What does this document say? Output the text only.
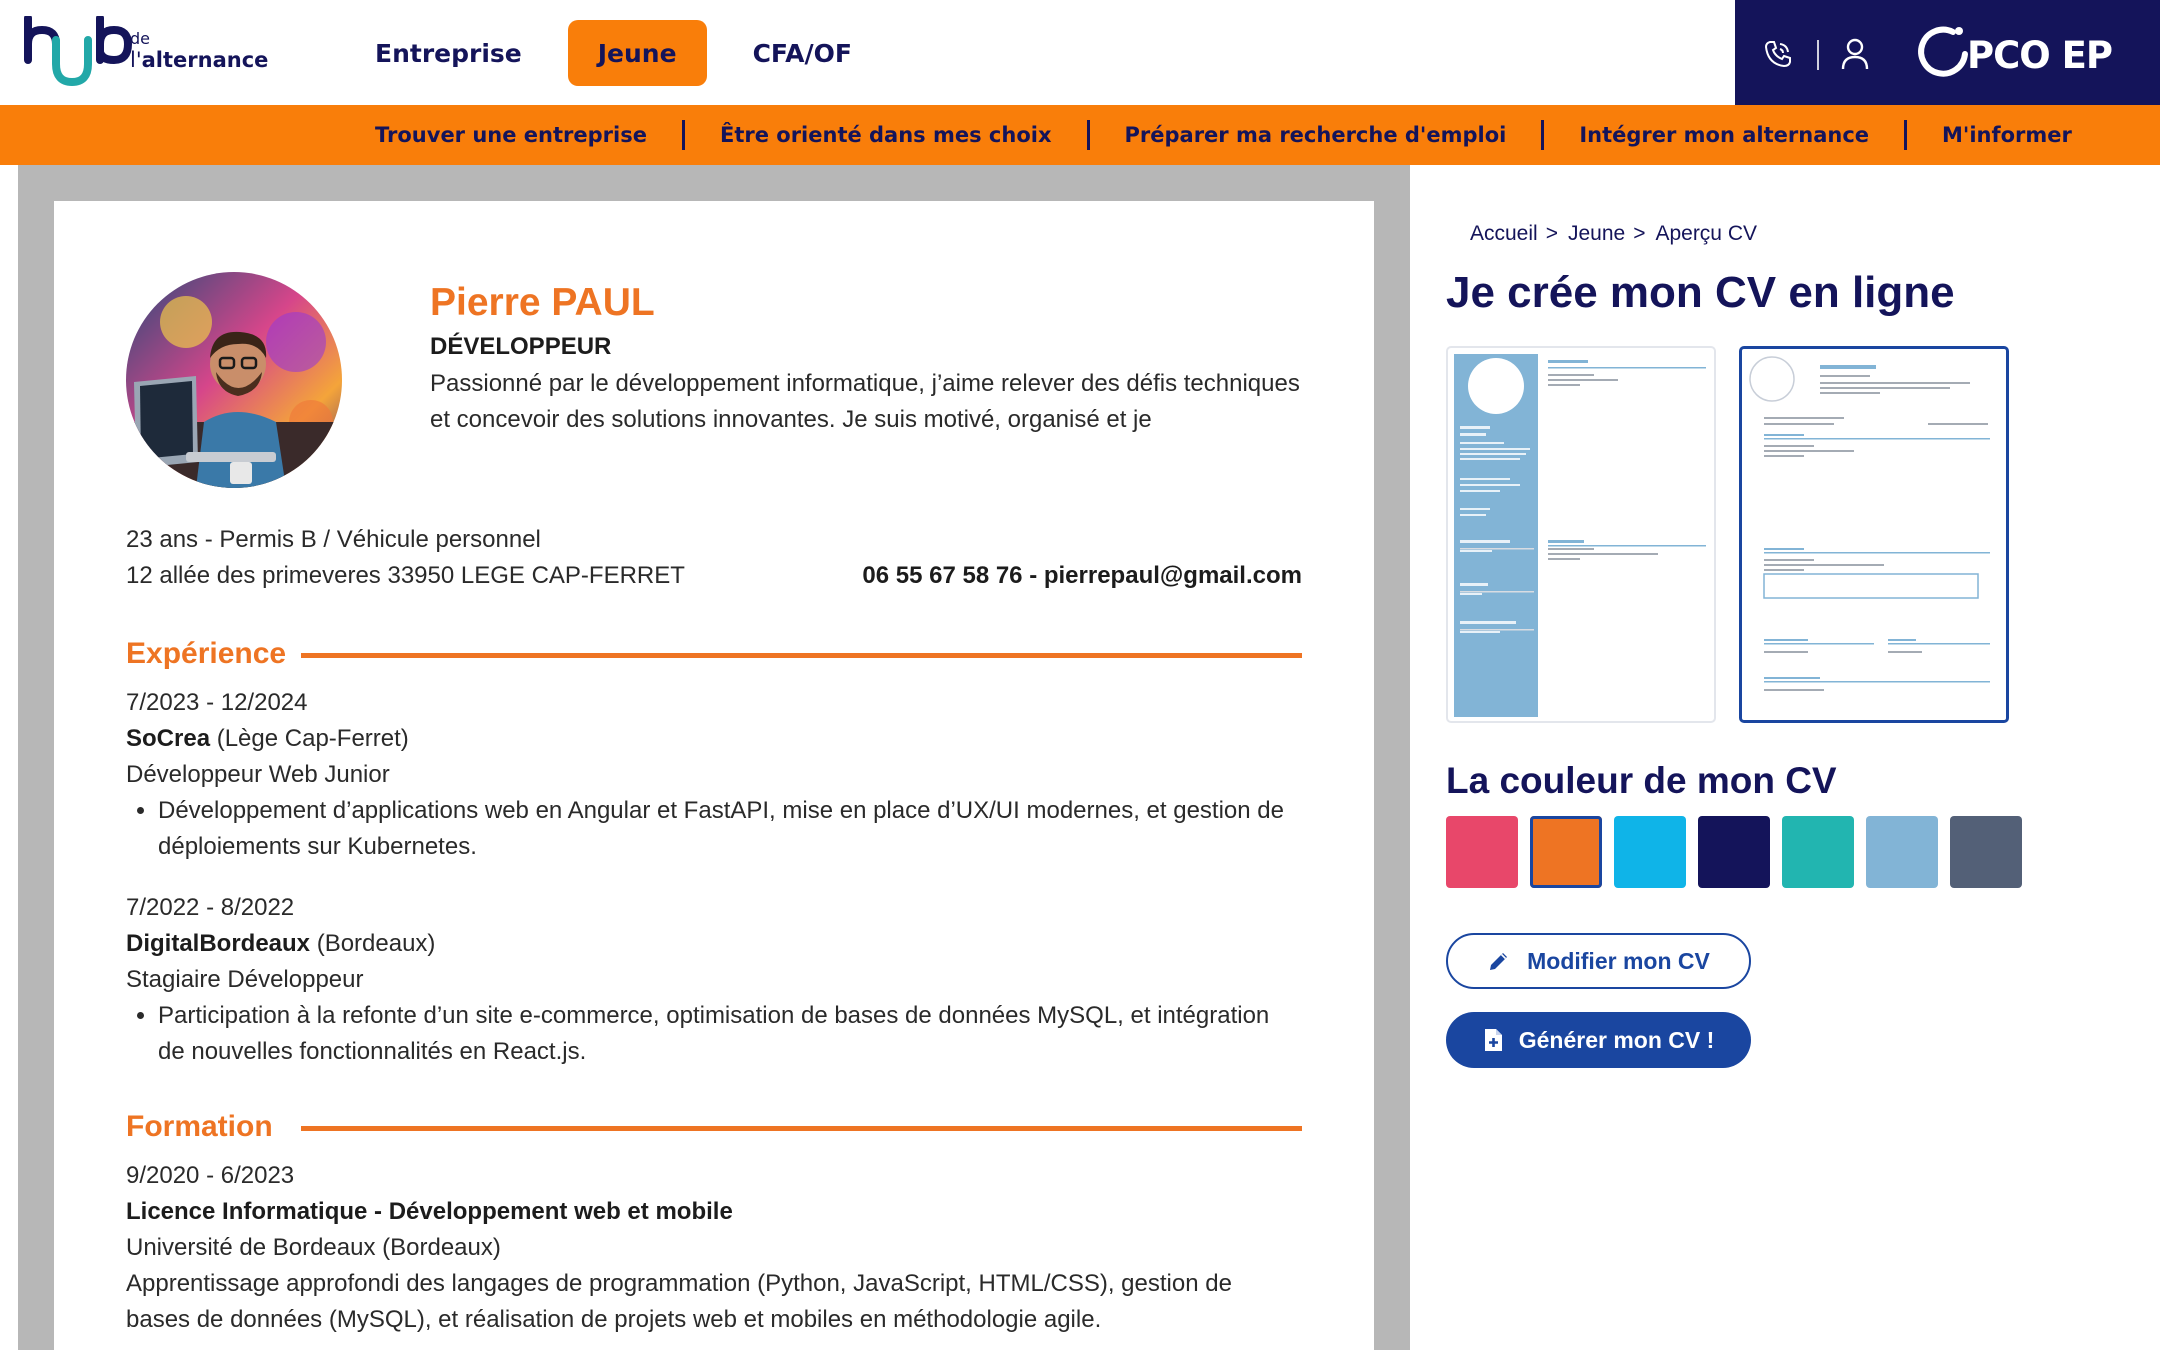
de
l'alternance	Entreprise	Jeune	CFA/OF	PCO EP
Trouver une entreprise	Être orienté dans mes choix	Préparer ma recherche d'emploi	Intégrer mon alternance	M'informer
Pierre PAUL
DÉVELOPPEUR
Passionné par le développement informatique, j’aime relever des défis techniques et concevoir des solutions innovantes. Je suis motivé, organisé et je
23 ans - Permis B / Véhicule personnel
12 allée des primeveres 33950 LEGE CAP-FERRET	06 55 67 58 76 - pierrepaul@gmail.com
Expérience
7/2023 - 12/2024
SoCrea (Lège Cap-Ferret)
Développeur Web Junior
• Développement d’applications web en Angular et FastAPI, mise en place d’UX/UI modernes, et gestion de déploiements sur Kubernetes.
7/2022 - 8/2022
DigitalBordeaux (Bordeaux)
Stagiaire Développeur
• Participation à la refonte d’un site e-commerce, optimisation de bases de données MySQL, et intégration de nouvelles fonctionnalités en React.js.
Formation
9/2020 - 6/2023
Licence Informatique - Développement web et mobile
Université de Bordeaux (Bordeaux)
Apprentissage approfondi des langages de programmation (Python, JavaScript, HTML/CSS), gestion de bases de données (MySQL), et réalisation de projets web et mobiles en méthodologie agile.
Accueil > Jeune > Aperçu CV
Je crée mon CV en ligne
La couleur de mon CV
Modifier mon CV
Générer mon CV !
